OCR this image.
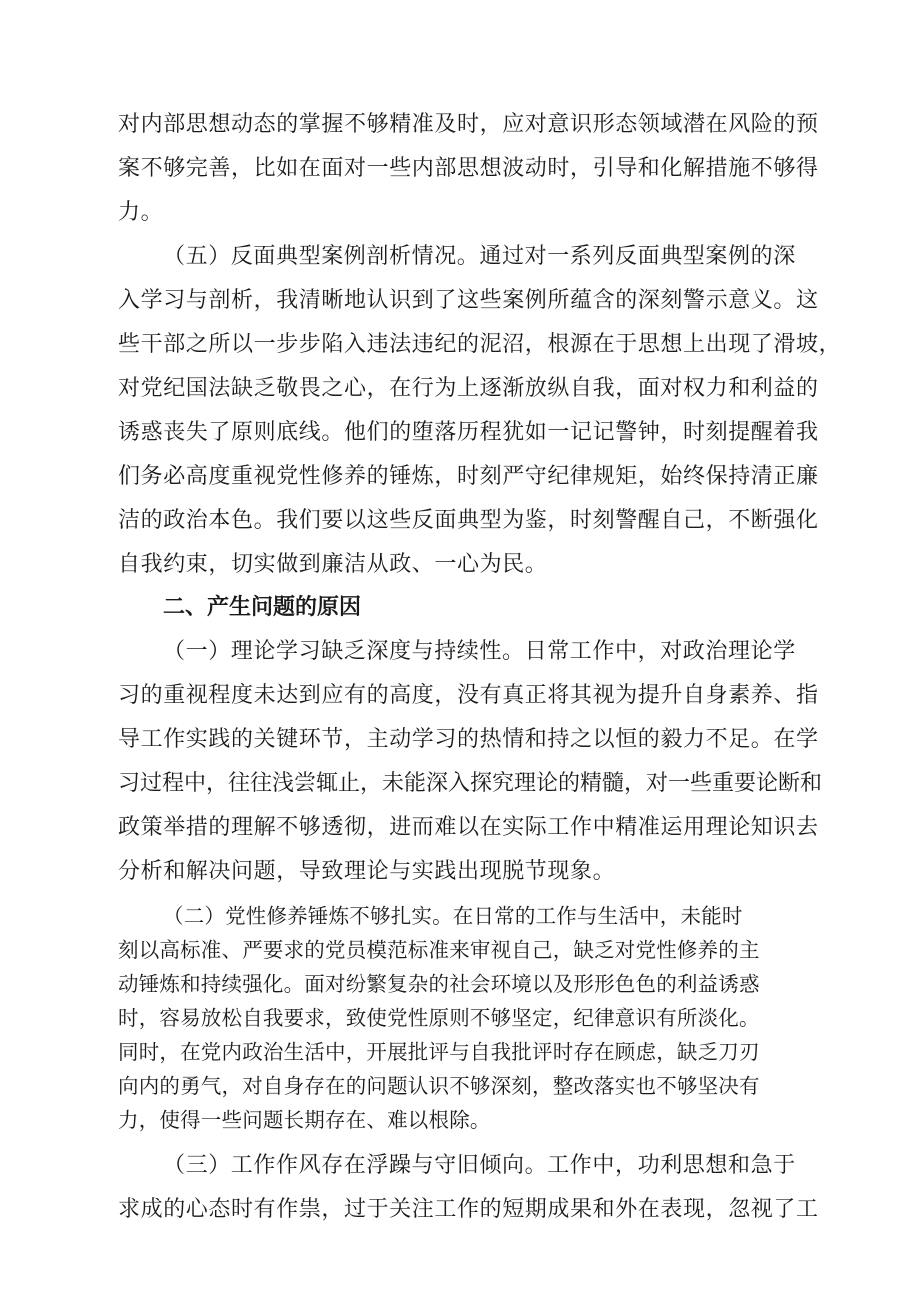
对内部思想动态的掌握不够精准及时，应对意识形态领域潜在风险的预
案不够完善，比如在面对一些内部思想波动时，引导和化解措施不够得
力。
（五）反面典型案例剖析情况。通过对一系列反面典型案例的深
入学习与剖析，我清晰地认识到了这些案例所蕴含的深刻警示意义。这
些干部之所以一步步陷入违法违纪的泥沼，根源在于思想上出现了滑坡，
对党纪国法缺乏敬畏之心，在行为上逐渐放纵自我，面对权力和利益的
诱惑丧失了原则底线。他们的堕落历程犹如一记记警钟，时刻提醒着我
们务必高度重视党性修养的锤炼，时刻严守纪律规矩，始终保持清正廉
洁的政治本色。我们要以这些反面典型为鉴，时刻警醒自己，不断强化
自我约束，切实做到廉洁从政、一心为民。
二、产生问题的原因
（一）理论学习缺乏深度与持续性。日常工作中，对政治理论学
习的重视程度未达到应有的高度，没有真正将其视为提升自身素养、指
导工作实践的关键环节，主动学习的热情和持之以恒的毅力不足。在学
习过程中，往往浅尝辄止，未能深入探究理论的精髓，对一些重要论断和
政策举措的理解不够透彻，进而难以在实际工作中精准运用理论知识去
分析和解决问题，导致理论与实践出现脱节现象。
（二）党性修养锤炼不够扎实。在日常的工作与生活中，未能时
刻以高标准、严要求的党员模范标准来审视自己，缺乏对党性修养的主
动锤炼和持续强化。面对纷繁复杂的社会环境以及形形色色的利益诱惑
时，容易放松自我要求，致使党性原则不够坚定，纪律意识有所淡化。
同时，在党内政治生活中，开展批评与自我批评时存在顾虑，缺乏刀刃
向内的勇气，对自身存在的问题认识不够深刻，整改落实也不够坚决有
力，使得一些问题长期存在、难以根除。
（三）工作作风存在浮躁与守旧倾向。工作中，功利思想和急于
求成的心态时有作祟，过于关注工作的短期成果和外在表现，忽视了工
